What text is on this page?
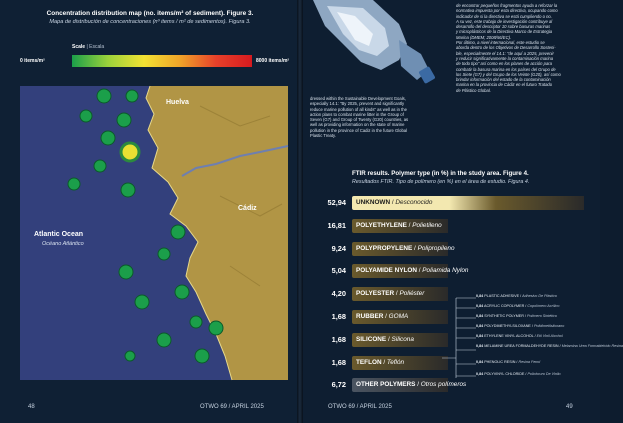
Concentration distribution map (no. items/m² of sediment). Figure 3.
Mapa de distribución de concentraciones (nº items / m² de sedimentos). Figura 3.
Scale | Escala
0 items/m²	8000 items/m²
Huelva
Cádiz
Atlantic Ocean
Océano Atlántico
48	OTWO 69 / APRIL 2025
dressed within the Sustainable Development Goals,
especially 14.1: "By 2025, prevent and significantly
reduce marine pollution of all kinds" as well as in the
action plans to combat marine litter in the Group of
Seven (G7) and Group of Twenty (G20) countries, as
well as providing information on the state of marine
pollution in the province of Cadiz in the future Global
Plastic Treaty.
de encontrar pequeños fragmentos ayuda a reforzar la
normativa impuesta por esta directiva, ocupando como
indicador de si la directiva se está cumpliendo o no.
A su vez, este trabajo de investigación contribuye al
desarrollo del descriptor 10 sobre basuras marinas
y microplásticos de la Directiva Marco de Estrategia
Marina (DMEM; 2008/56/EC).
Por último, a nivel internacional, este estudio se
aborda dentro de los Objetivos de Desarrollo Sosteni-
ble, especialmente el 14.1: "de aquí a 2025, prevenir
y reducir significativamente la contaminación marina
de todo tipo" así como en los planes de acción para
combatir la basura marina en los países del Grupo de
los Siete (G7) y del Grupo de los Veinte (G20), así como
brindar información del estado de la contaminación
marina en la provincia de Cádiz en el futuro Tratado
de Plástico Global.
FTIR results. Polymer type (in %) in the study area. Figure 4.
Resultados FTIR. Tipo de polímero (en %) en el área de estudio. Figura 4.
52,94 UNKNOWN / Desconocido
16,81 POLYETHYLENE / Polietileno
9,24 POLYPROPYLENE / Polipropileno
5,04 POLYAMIDE NYLON / Poliamida Nylon
4,20 POLYESTER / Poliéster
1,68 RUBBER / GOMA
1,68 SILICONE / Silicona
1,68 TEFLON / Teflón
6,72 OTHER POLYMERS / Otros polímeros
0,84 PLASTIC ADHESIVE / Adhesivo De Plástico
0,84 ACRYLIC COPOLYMER / Copolímero Acrílico
0,84 SYNTHETIC POLYMER / Polímero Sintético
0,84 POLYDIMETHYLSILOXANE / Polidimetilsiloxano
0,84 ETHYLENE VINYL ALCOHOL / Etil Vinil Alcohol
0,84 MELAMINE UREA FORMALDEHYDE RESIN / Melamina Urea Formaldehído Resina
0,84 PHENOLIC RESIN / Resina Fenol
0,84 POLYVINYL CHLORIDE / Policloruro De Vinilo
OTWO 69 / APRIL 2025	49
